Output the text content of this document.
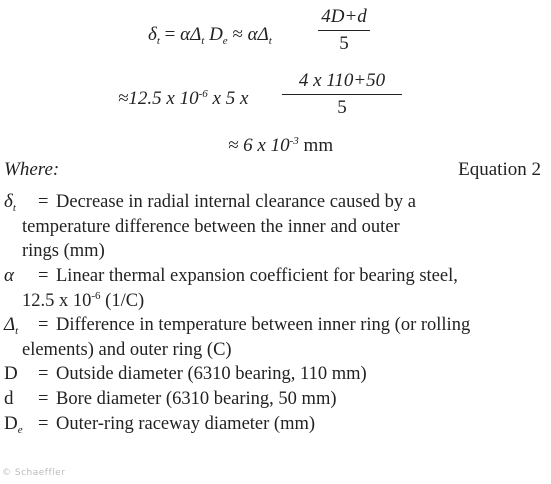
$\delta_t = \alpha\Delta_t$ $D_e \approx \alpha\Delta_t \frac{4D+d}{5}$
≈12.5 x $10^{-6}$ x 5 x $\frac{4 x 110+50}{5}$
≈ 6 x $10^{-3}$ mm
Where:	Equation 2
$\delta_t$	= Decrease in radial internal clearance caused by a
temperature difference between the inner and outer
rings (mm)
α	= Linear thermal expansion coefficient for bearing steel,
12.5 x $10^{-6}$ (1/C)
$\Delta_t$	= Difference in temperature between inner ring (or rolling
elements) and outer ring (C)
D	= Outside diameter (6310 bearing, 110 mm)
d	= Bore diameter (6310 bearing, 50 mm)
$D_e$ = Outer-ring raceway diameter (mm)
© Schaeffler
